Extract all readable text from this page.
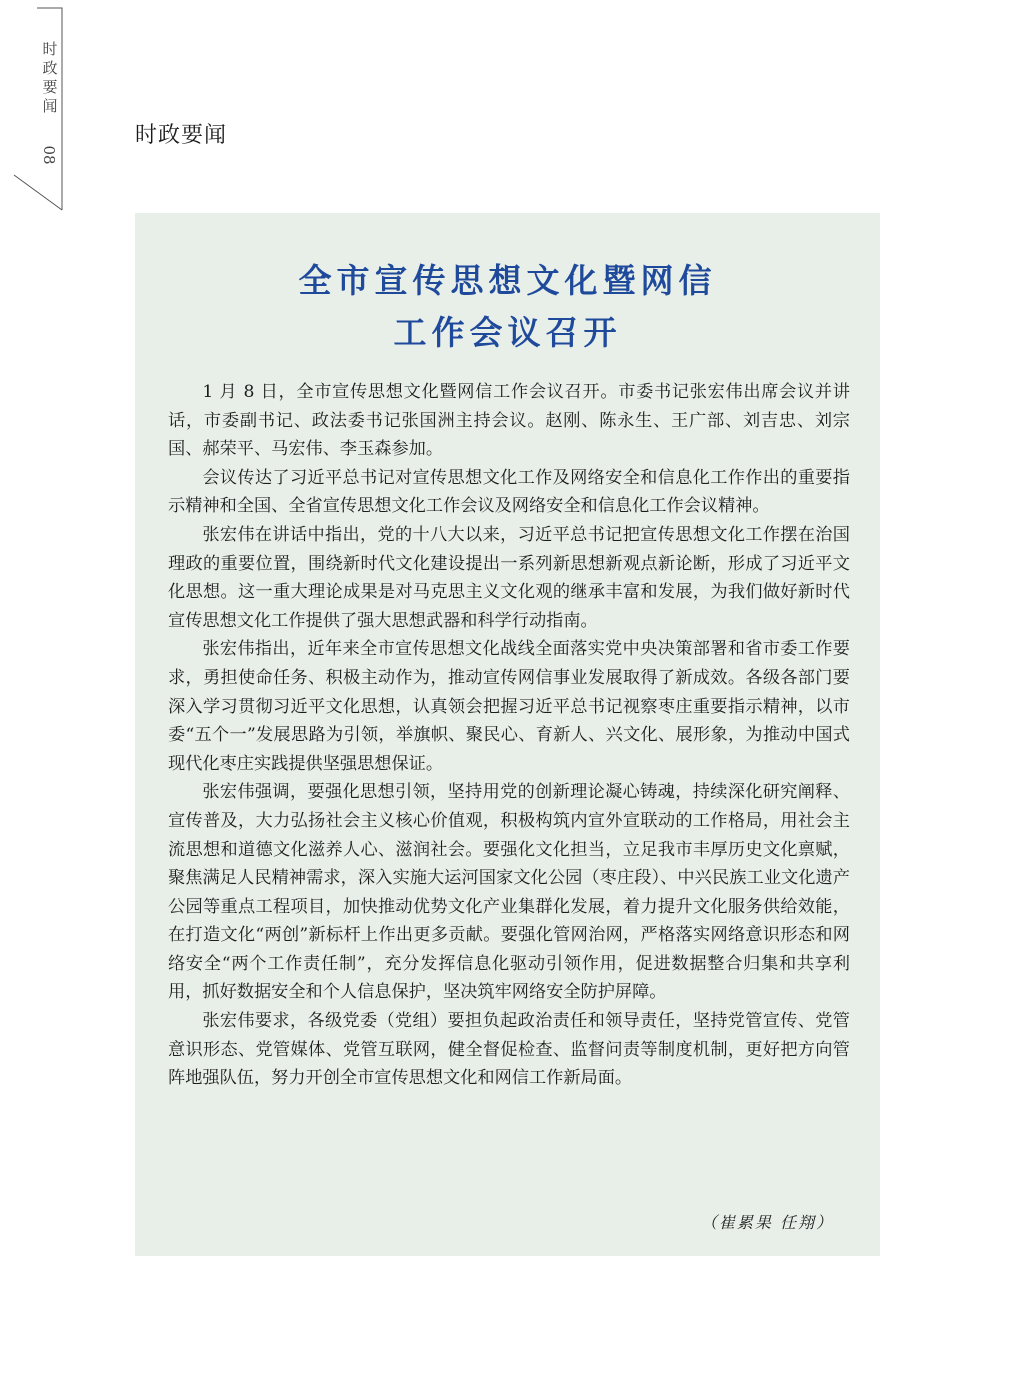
时
政
要
闻
08
时政要闻
全市宣传思想文化暨网信
工作会议召开

1 月 8 日，全市宣传思想文化暨网信工作会议召开。市委书记张宏伟出席会议并讲话，市委副书记、政法委书记张国洲主持会议。赵刚、陈永生、王广部、刘吉忠、刘宗国、郝荣平、马宏伟、李玉森参加。

会议传达了习近平总书记对宣传思想文化工作及网络安全和信息化工作作出的重要指示精神和全国、全省宣传思想文化工作会议及网络安全和信息化工作会议精神。

张宏伟在讲话中指出，党的十八大以来，习近平总书记把宣传思想文化工作摆在治国理政的重要位置，围绕新时代文化建设提出一系列新思想新观点新论断，形成了习近平文化思想。这一重大理论成果是对马克思主义文化观的继承丰富和发展，为我们做好新时代宣传思想文化工作提供了强大思想武器和科学行动指南。

张宏伟指出，近年来全市宣传思想文化战线全面落实党中央决策部署和省市委工作要求，勇担使命任务、积极主动作为，推动宣传网信事业发展取得了新成效。各级各部门要深入学习贯彻习近平文化思想，认真领会把握习近平总书记视察枣庄重要指示精神，以市委“五个一”发展思路为引领，举旗帜、聚民心、育新人、兴文化、展形象，为推动中国式现代化枣庄实践提供坚强思想保证。

张宏伟强调，要强化思想引领，坚持用党的创新理论凝心铸魂，持续深化研究阐释、宣传普及，大力弘扬社会主义核心价值观，积极构筑内宣外宣联动的工作格局，用社会主流思想和道德文化滋养人心、滋润社会。要强化文化担当，立足我市丰厚历史文化禀赋，聚焦满足人民精神需求，深入实施大运河国家文化公园（枣庄段）、中兴民族工业文化遗产公园等重点工程项目，加快推动优势文化产业集群化发展，着力提升文化服务供给效能，在打造文化“两创”新标杆上作出更多贡献。要强化管网治网，严格落实网络意识形态和网络安全“两个工作责任制”，充分发挥信息化驱动引领作用，促进数据整合归集和共享利用，抓好数据安全和个人信息保护，坚决筑牢网络安全防护屏障。

张宏伟要求，各级党委（党组）要担负起政治责任和领导责任，坚持党管宣传、党管意识形态、党管媒体、党管互联网，健全督促检查、监督问责等制度机制，更好把方向管阵地强队伍，努力开创全市宣传思想文化和网信工作新局面。

（崔累果 任翔）
